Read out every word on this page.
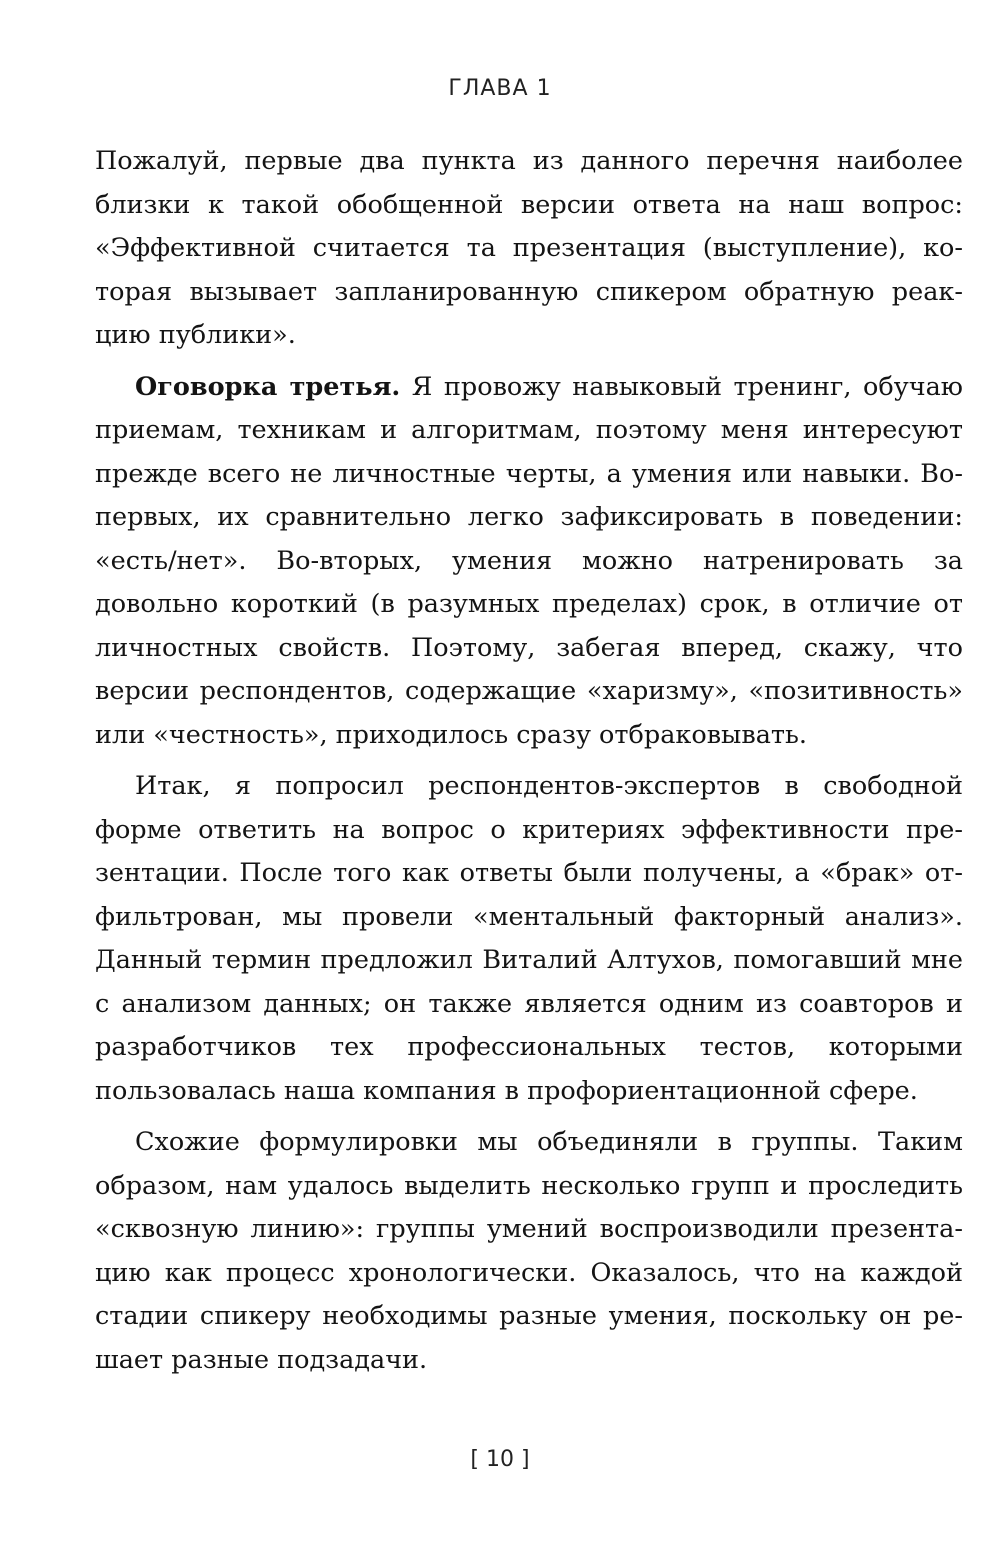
ГЛАВА 1

Пожалуй, первые два пункта из данного перечня наиболее близки к такой обобщенной версии ответа на наш вопрос: «Эффективной считается та презентация (выступление), которая вызывает запланированную спикером обратную реакцию публики».

Оговорка третья. Я провожу навыковый тренинг, обучаю приемам, техникам и алгоритмам, поэтому меня интересуют прежде всего не личностные черты, а умения или навыки. Во-первых, их сравнительно легко зафиксировать в поведении: «есть/нет». Во-вторых, умения можно натренировать за довольно короткий (в разумных пределах) срок, в отличие от личностных свойств. Поэтому, забегая вперед, скажу, что версии респондентов, содержащие «харизму», «позитивность» или «честность», приходилось сразу отбраковывать.

Итак, я попросил респондентов-экспертов в свободной форме ответить на вопрос о критериях эффективности презентации. После того как ответы были получены, а «брак» отфильтрован, мы провели «ментальный факторный анализ». Данный термин предложил Виталий Алтухов, помогавший мне с анализом данных; он также является одним из соавторов и разработчиков тех профессиональных тестов, которыми пользовалась наша компания в профориентационной сфере.

Схожие формулировки мы объединяли в группы. Таким образом, нам удалось выделить несколько групп и проследить «сквозную линию»: группы умений воспроизводили презентацию как процесс хронологически. Оказалось, что на каждой стадии спикеру необходимы разные умения, поскольку он решает разные подзадачи.

[ 10 ]
